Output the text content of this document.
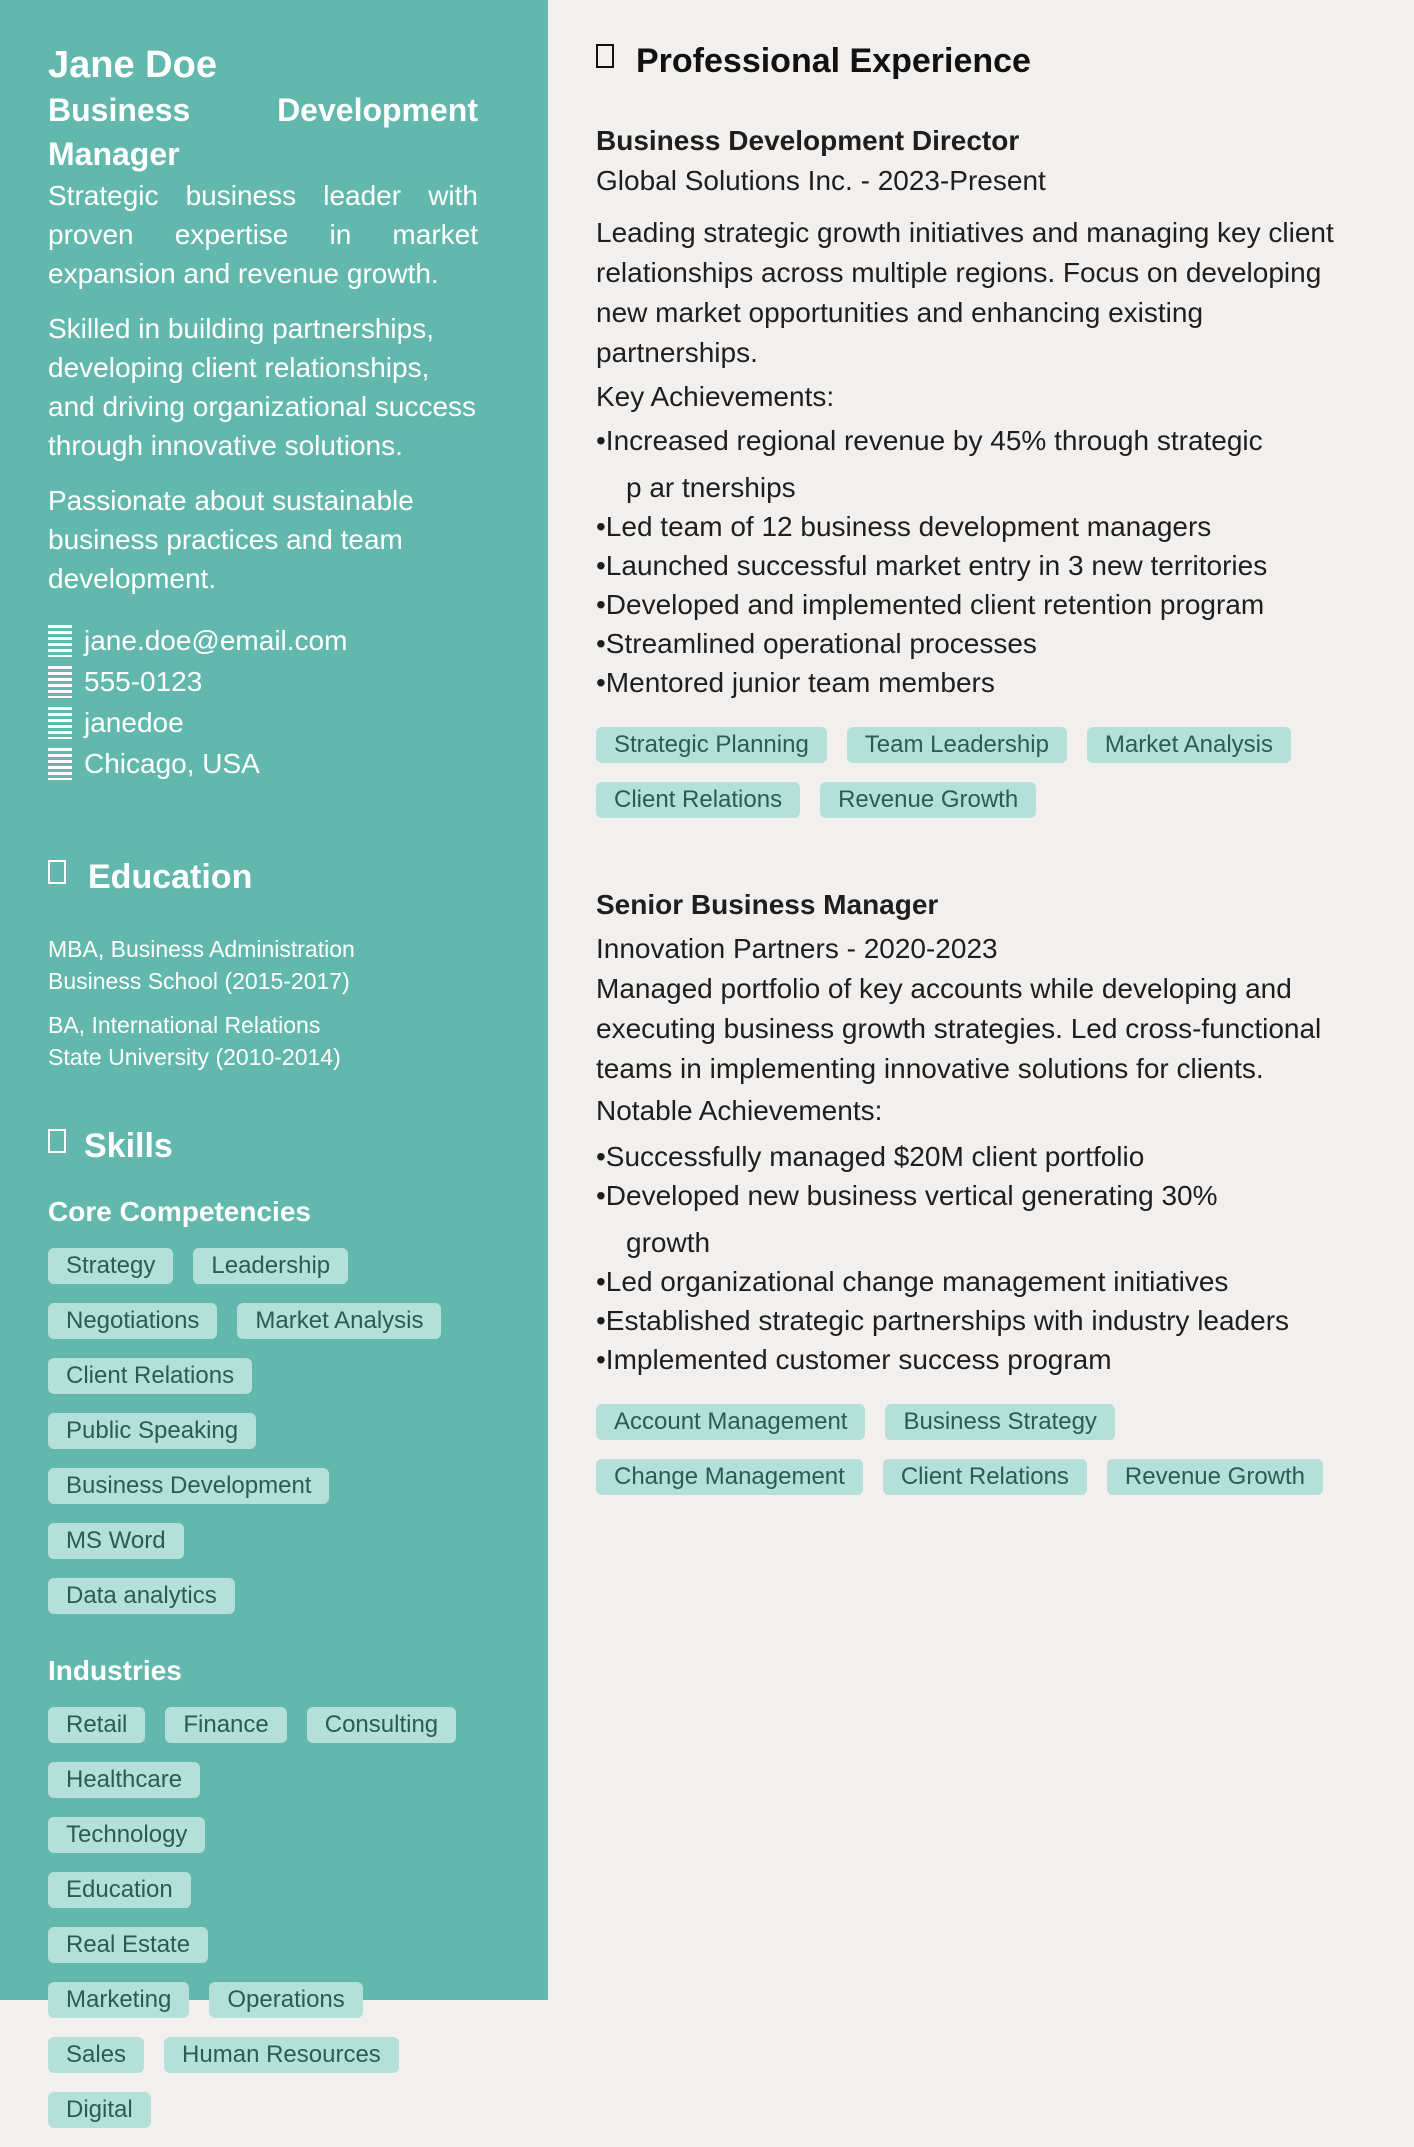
Jane Doe
Business Development Manager

Strategic business leader with proven expertise in market expansion and revenue growth.

Skilled in building partnerships, developing client relationships, and driving organizational success through innovative solutions.

Passionate about sustainable business practices and team development.

jane.doe@email.com
555-0123
janedoe
Chicago, USA
Education

MBA, Business Administration

Business School (2015-2017)

BA, International Relations

State University (2010-2014)

Skills

Core Competencies

Strategy	Leadership
Negotiations	Market Analysis
Client Relations
Public Speaking
Business Development
MS Word
Data analytics

Industries

Retail	Finance	Consulting
Healthcare
Technology
Education
Real Estate
Marketing	Operations
Sales	Human Resources
Digital
Professional Experience

Business Development Director

Global Solutions Inc. - 2023-Present

Leading strategic growth initiatives and managing key client relationships across multiple regions. Focus on developing new market opportunities and enhancing existing partnerships.

Key Achievements:

•Increased regional revenue by 45% through strategic
p ar tnerships
•Led team of 12 business development managers
•Launched successful market entry in 3 new territories
•Developed and implemented client retention program
•Streamlined operational processes
•Mentored junior team members
Strategic Planning	Team Leadership	Market Analysis
Client Relations	Revenue Growth

Senior Business Manager

Innovation Partners - 2020-2023

Managed portfolio of key accounts while developing and executing business growth strategies. Led cross-functional teams in implementing innovative solutions for clients.

Notable Achievements:

•Successfully managed $20M client portfolio
•Developed new business vertical generating 30%
growth
•Led organizational change management initiatives
•Established strategic partnerships with industry leaders
•Implemented customer success program
Account Management	Business Strategy
Change Management	Client Relations	Revenue Growth
